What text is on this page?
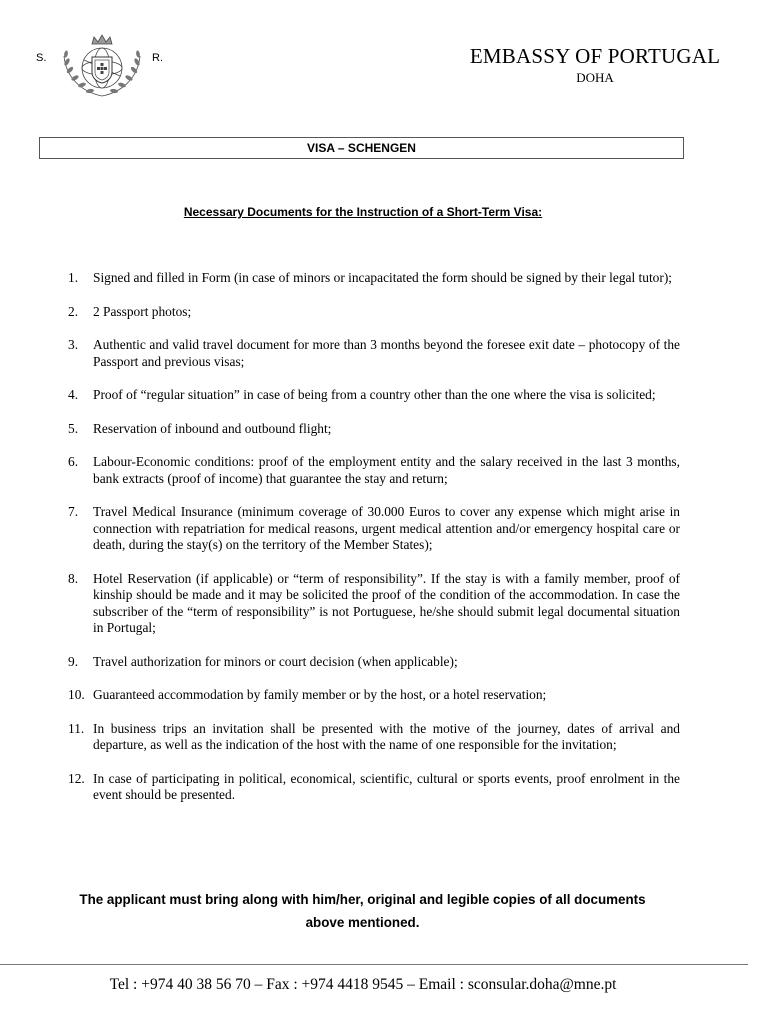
S.	R.	EMBASSY OF PORTUGAL
DOHA
VISA – SCHENGEN
Necessary Documents for the Instruction of a Short-Term Visa:
1. Signed and filled in Form (in case of minors or incapacitated the form should be signed by their legal tutor);
2. 2 Passport photos;
3. Authentic and valid travel document for more than 3 months beyond the foresee exit date – photocopy of the Passport and previous visas;
4. Proof of “regular situation” in case of being from a country other than the one where the visa is solicited;
5. Reservation of inbound and outbound flight;
6. Labour-Economic conditions: proof of the employment entity and the salary received in the last 3 months, bank extracts (proof of income) that guarantee the stay and return;
7. Travel Medical Insurance (minimum coverage of 30.000 Euros to cover any expense which might arise in connection with repatriation for medical reasons, urgent medical attention and/or emergency hospital care or death, during the stay(s) on the territory of the Member States);
8. Hotel Reservation (if applicable) or “term of responsibility”. If the stay is with a family member, proof of kinship should be made and it may be solicited the proof of the condition of the accommodation. In case the subscriber of the “term of responsibility” is not Portuguese, he/she should submit legal documental situation in Portugal;
9. Travel authorization for minors or court decision (when applicable);
10. Guaranteed accommodation by family member or by the host, or a hotel reservation;
11. In business trips an invitation shall be presented with the motive of the journey, dates of arrival and departure, as well as the indication of the host with the name of one responsible for the invitation;
12. In case of participating in political, economical, scientific, cultural or sports events, proof enrolment in the event should be presented.
The applicant must bring along with him/her, original and legible copies of all documents
above mentioned.
Tel : +974 40 38 56 70 – Fax : +974 4418 9545 – Email : sconsular.doha@mne.pt
